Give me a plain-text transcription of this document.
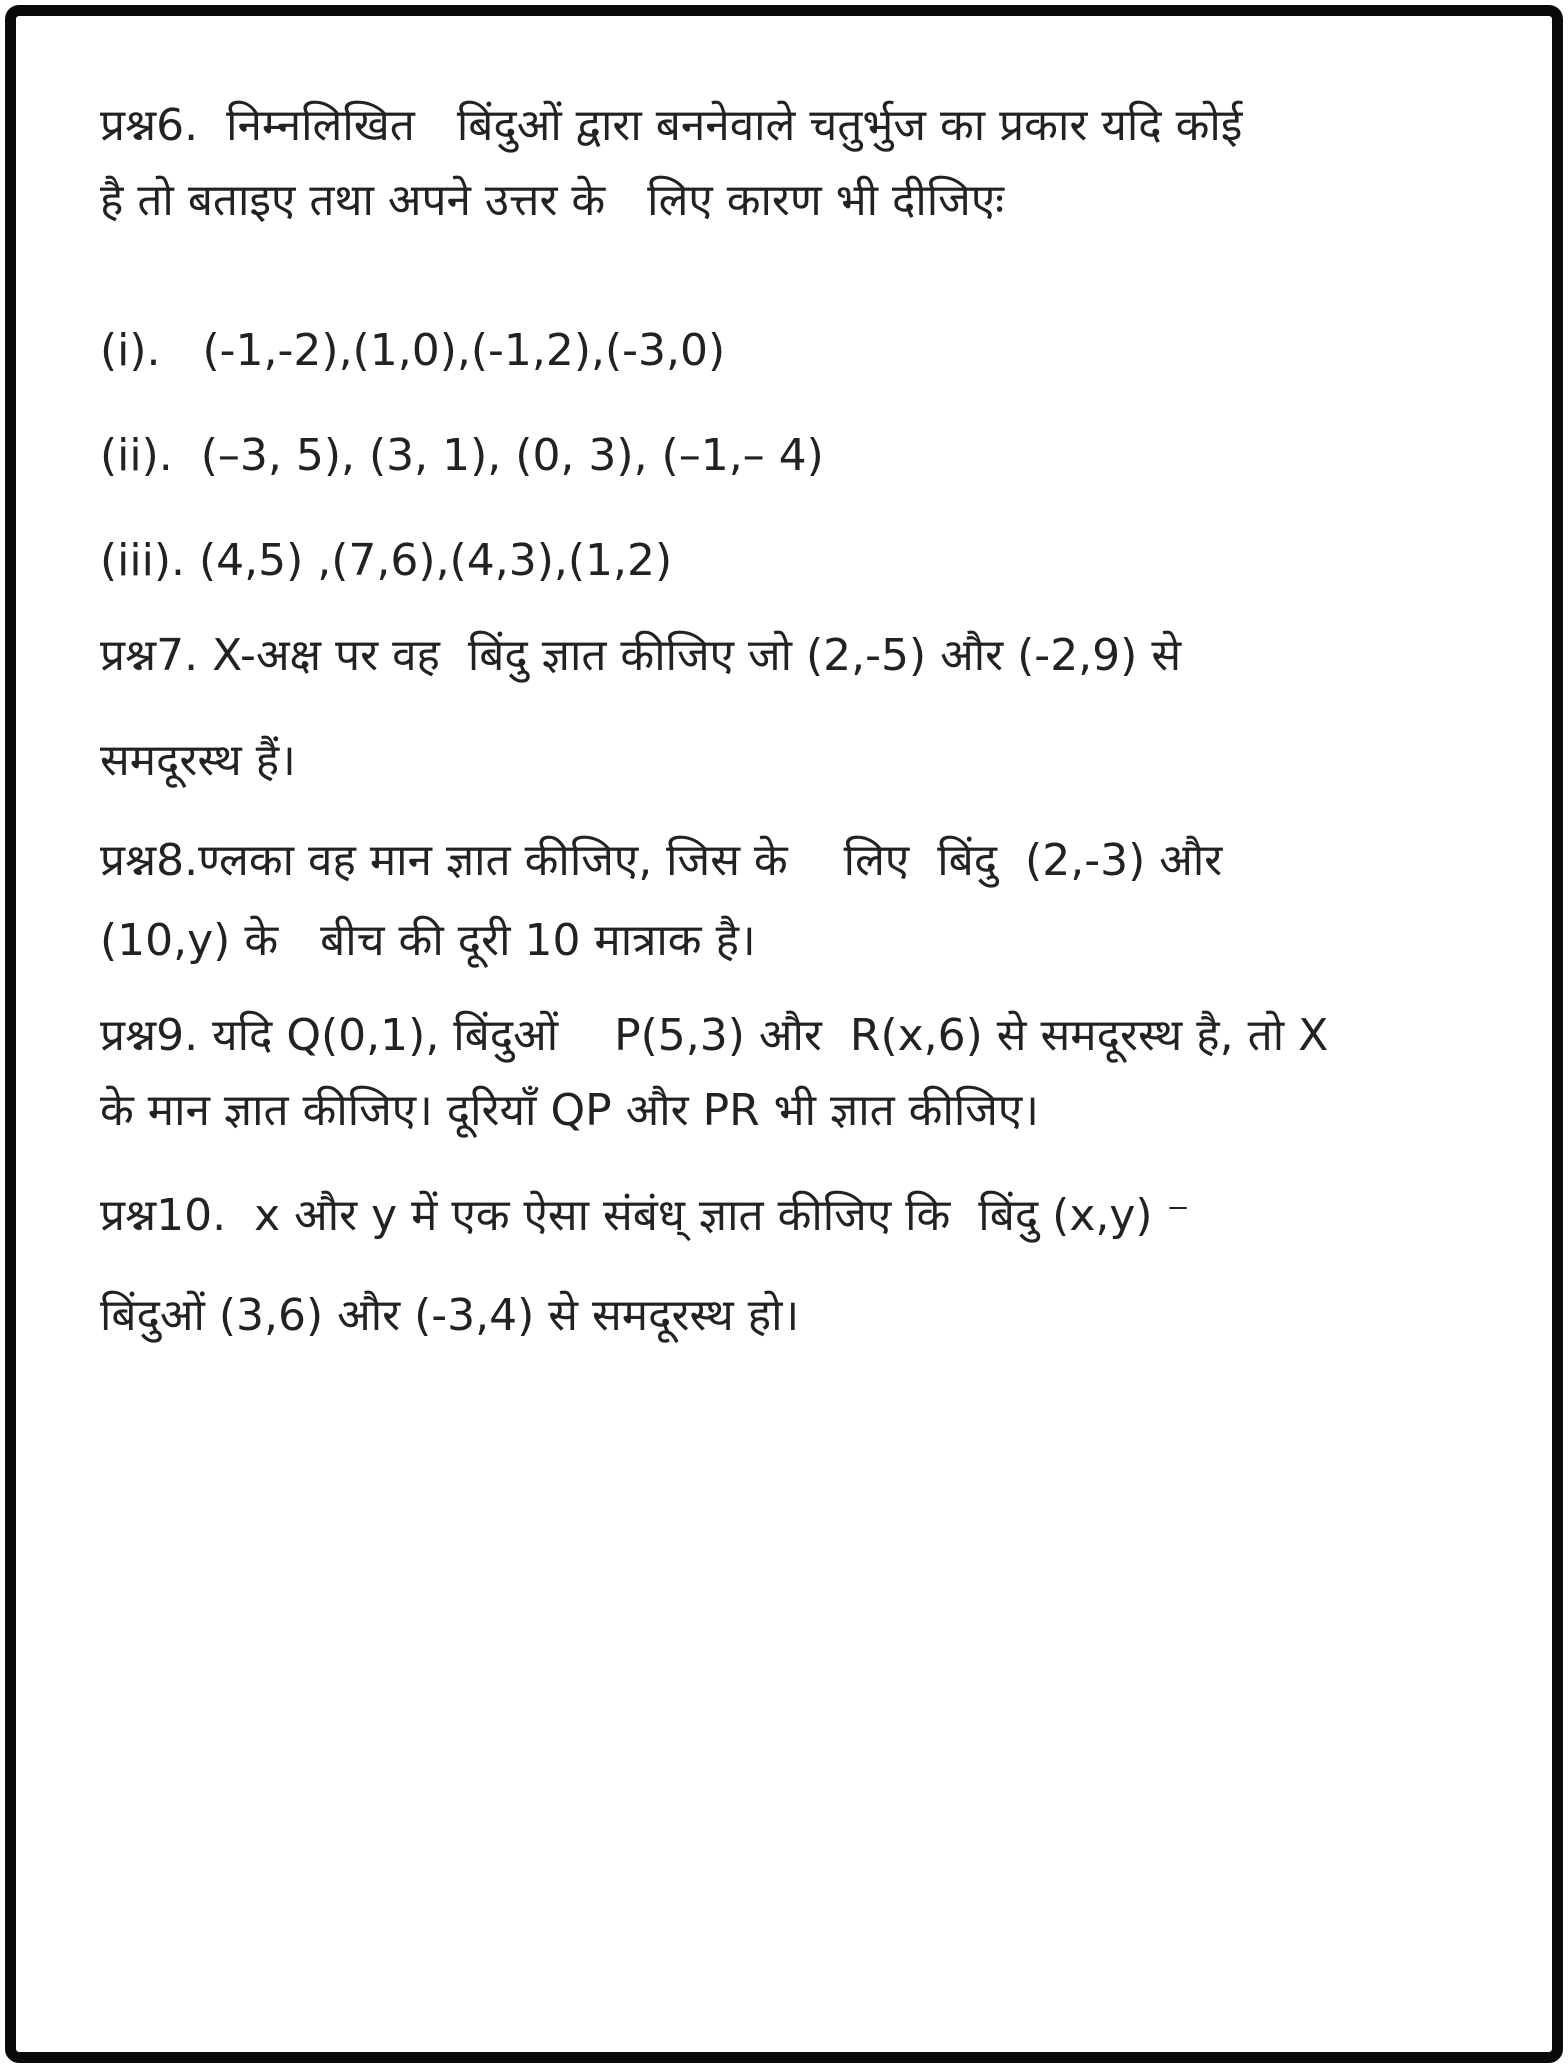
प्रश्न6.  निम्नलिखित   बिंदुओं द्वारा बननेवाले चतुर्भुज का प्रकार यदि कोई
है तो बताइए तथा अपने उत्तर के   लिए कारण भी दीजिएः
(i).   (-1,-2),(1,0),(-1,2),(-3,0)
(ii).  (–3, 5), (3, 1), (0, 3), (–1,– 4)
(iii). (4,5) ,(7,6),(4,3),(1,2)
प्रश्न7. X-अक्ष पर वह  बिंदु ज्ञात कीजिए जो (2,-5) और (-2,9) से
समदूरस्थ हैं।
प्रश्न8.ण्लका वह मान ज्ञात कीजिए, जिस के    लिए  बिंदु  (2,-3) और
(10,y) के   बीच की दूरी 10 मात्राक है।
प्रश्न9. यदि Q(0,1), बिंदुओं    P(5,3) और  R(x,6) से समदूरस्थ है, तो X
के मान ज्ञात कीजिए। दूरियाँ QP और PR भी ज्ञात कीजिए।
प्रश्न10.  x और y में एक ऐसा संबंध् ज्ञात कीजिए कि  बिंदु (x,y) ⁻
बिंदुओं (3,6) और (-3,4) से समदूरस्थ हो।
